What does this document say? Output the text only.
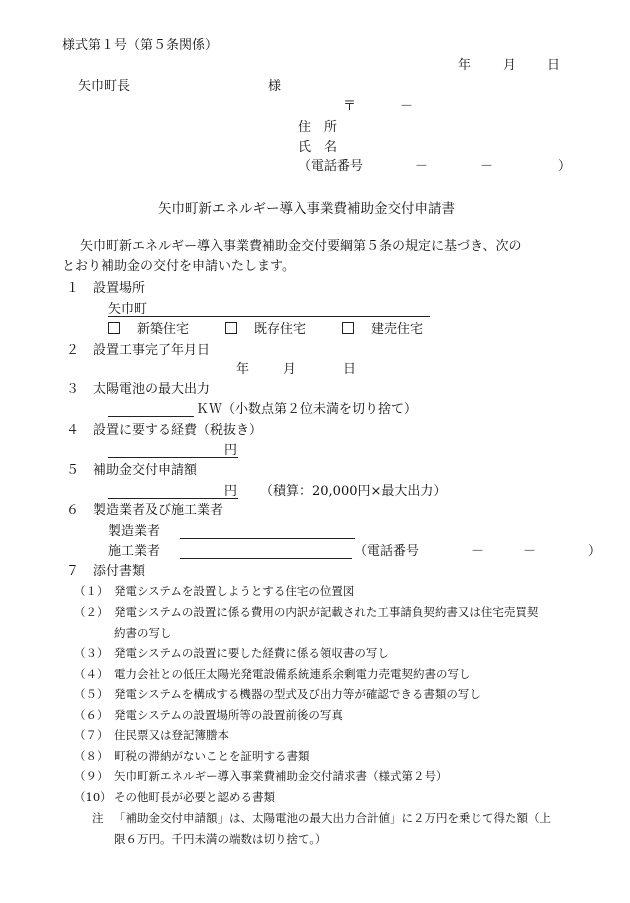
様式第１号（第５条関係）
年 月 日
矢巾町長	様
〒	－
住　所
氏　名
（電話番号　　　　－　　　　－　　　　　）
矢巾町新エネルギー導入事業費補助金交付申請書
矢巾町新エネルギー導入事業費補助金交付要綱第５条の規定に基づき、次の
とおり補助金の交付を申請いたします。
１ 設置場所
矢巾町
　新築住宅
　	既存住宅
　	建売住宅
２ 設置工事完了年月日
年	月	日
３ 太陽電池の最大出力
ＫＷ（小数点第２位未満を切り捨て）
４ 設置に要する経費（税抜き）
円
５ 補助金交付申請額
円 （積算：20,000円×最大出力）
６ 製造業者及び施工業者
製造業者
施工業者	（電話番号　　　　－　　　－　　　　）
７ 添付書類
（１） 発電システムを設置しようとする住宅の位置図
（２） 発電システムの設置に係る費用の内訳が記載された工事請負契約書又は住宅売買契
約書の写し
（３） 発電システムの設置に要した経費に係る領収書の写し
（４） 電力会社との低圧太陽光発電設備系統連系余剰電力売電契約書の写し
（５） 発電システムを構成する機器の型式及び出力等が確認できる書類の写し
（６） 発電システムの設置場所等の設置前後の写真
（７） 住民票又は登記簿謄本
（８） 町税の滞納がないことを証明する書類
（９） 矢巾町新エネルギー導入事業費補助金交付請求書（様式第２号）
（10） その他町長が必要と認める書類
注 「補助金交付申請額」は、太陽電池の最大出力合計値」に２万円を乗じて得た額（上
限６万円。千円未満の端数は切り捨て。）
